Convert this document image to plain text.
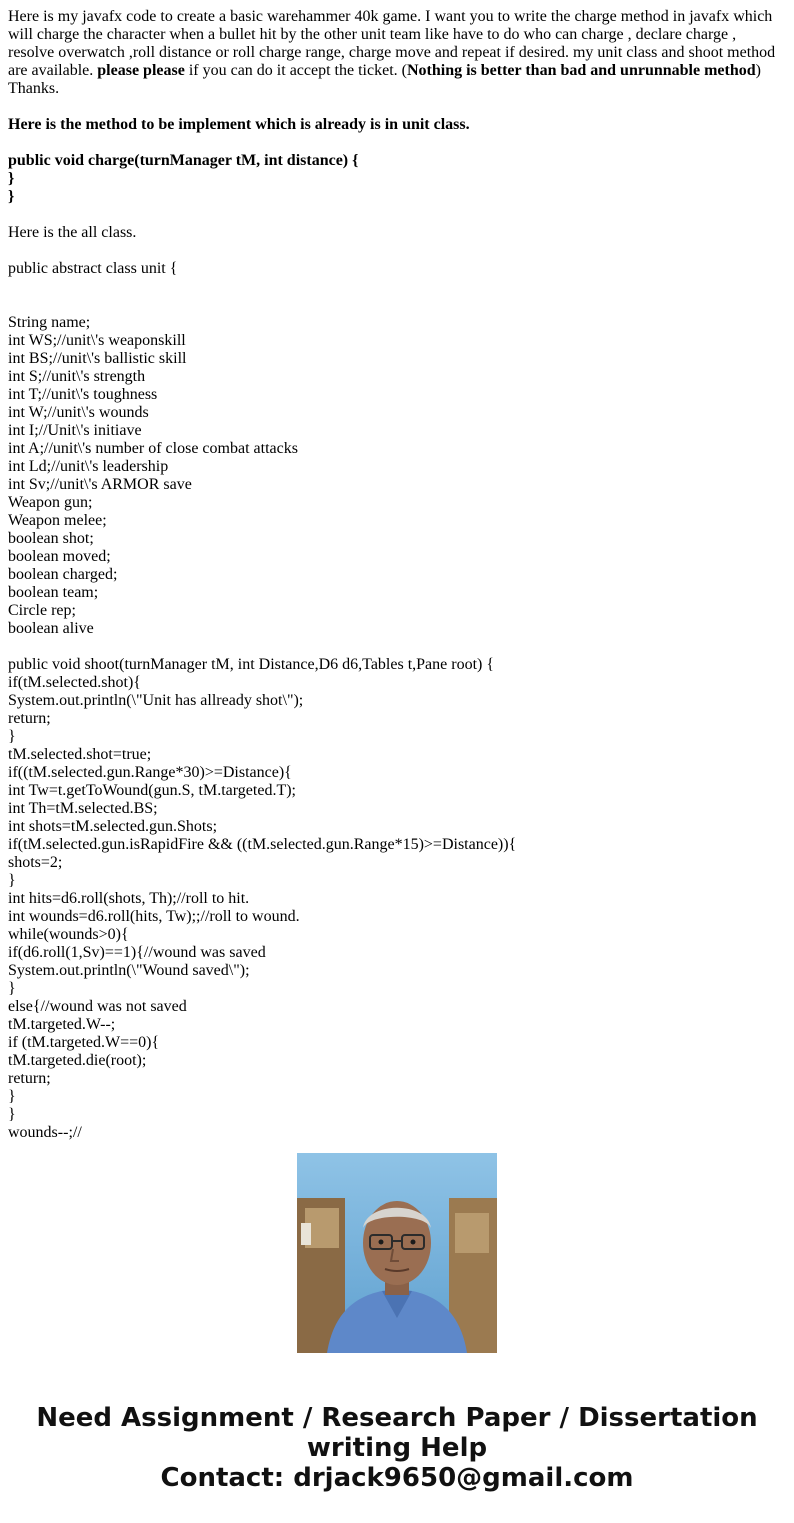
Here is my javafx code to create a basic warehammer 40k game. I want you to write the charge method in javafx which will charge the character when a bullet hit by the other unit team like have to do who can charge , declare charge , resolve overwatch ,roll distance or roll charge range, charge move and repeat if desired. my unit class and shoot method are available. please please if you can do it accept the ticket. (Nothing is better than bad and unrunnable method) Thanks.

Here is the method to be implement which is already is in unit class.

public void charge(turnManager tM, int distance) {
}
}

Here is the all class.

public abstract class unit {

String name;
int WS;//unit\'s weaponskill
int BS;//unit\'s ballistic skill
int S;//unit\'s strength
int T;//unit\'s toughness
int W;//unit\'s wounds
int I;//Unit\'s initiave
int A;//unit\'s number of close combat attacks
int Ld;//unit\'s leadership
int Sv;//unit\'s ARMOR save
Weapon gun;
Weapon melee;
boolean shot;
boolean moved;
boolean charged;
boolean team;
Circle rep;
boolean alive
public void shoot(turnManager tM, int Distance,D6 d6,Tables t,Pane root) {
if(tM.selected.shot){
System.out.println(\"Unit has allready shot\");
return;
}
tM.selected.shot=true;
if((tM.selected.gun.Range*30)>=Distance){
int Tw=t.getToWound(gun.S, tM.targeted.T);
int Th=tM.selected.BS;
int shots=tM.selected.gun.Shots;
if(tM.selected.gun.isRapidFire && ((tM.selected.gun.Range*15)>=Distance)){
shots=2;
}
int hits=d6.roll(shots, Th);//roll to hit.
int wounds=d6.roll(hits, Tw);;//roll to wound.
while(wounds>0){
if(d6.roll(1,Sv)==1){//wound was saved
System.out.println(\"Wound saved\");
}
else{//wound was not saved
tM.targeted.W--;
if (tM.targeted.W==0){
tM.targeted.die(root);
return;
}
}
wounds--;//
Need Assignment / Research Paper / Dissertation
writing Help
Contact: drjack9650@gmail.com
